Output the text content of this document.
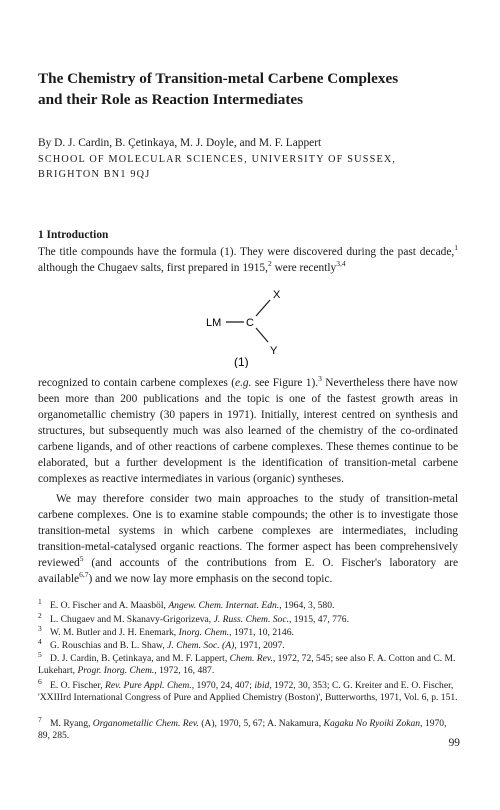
The Chemistry of Transition-metal Carbene Complexes
and their Role as Reaction Intermediates
By D. J. Cardin, B. Çetinkaya, M. J. Doyle, and M. F. Lappert
SCHOOL OF MOLECULAR SCIENCES, UNIVERSITY OF SUSSEX,
BRIGHTON BN1 9QJ
1 Introduction

The title compounds have the formula (1). They were discovered during the past decade,$^1$ although the Chugaev salts, first prepared in 1915,$^2$ were recently$^{3,4}$

LM C
X
Y
(1)

recognized to contain carbene complexes (e.g. see Figure 1).$^3$ Nevertheless there have now been more than 200 publications and the topic is one of the fastest growth areas in organometallic chemistry (30 papers in 1971). Initially, interest centred on synthesis and structures, but subsequently much was also learned of the chemistry of the co-ordinated carbene ligands, and of other reactions of carbene complexes. These themes continue to be elaborated, but a further development is the identification of transition-metal carbene complexes as reactive intermediates in various (organic) syntheses.

We may therefore consider two main approaches to the study of transition-metal carbene complexes. One is to examine stable compounds; the other is to investigate those transition-metal systems in which carbene complexes are intermediates, including transition-metal-catalysed organic reactions. The former aspect has been comprehensively reviewed$^5$ (and accounts of the contributions from E. O. Fischer's laboratory are available$^{6,7}$) and we now lay more emphasis on the second topic.

$^1$ E. O. Fischer and A. Maasböl, Angew. Chem. Internat. Edn., 1964, 3, 580.

$^2$ L. Chugaev and M. Skanavy-Grigorizeva, J. Russ. Chem. Soc., 1915, 47, 776.

$^3$ W. M. Butler and J. H. Enemark, Inorg. Chem., 1971, 10, 2146.

$^4$ G. Rouschias and B. L. Shaw, J. Chem. Soc. (A), 1971, 2097.

$^5$ D. J. Cardin, B. Çetinkaya, and M. F. Lappert, Chem. Rev., 1972, 72, 545; see also F. A. Cotton and C. M. Lukehart, Progr. Inorg. Chem., 1972, 16, 487.

$^6$ E. O. Fischer, Rev. Pure Appl. Chem., 1970, 24, 407; ibid, 1972, 30, 353; C. G. Kreiter and E. O. Fischer, 'XXIIIrd International Congress of Pure and Applied Chemistry (Boston)', Butterworths, 1971, Vol. 6, p. 151.

$^7$ M. Ryang, Organometallic Chem. Rev. (A), 1970, 5, 67; A. Nakamura, Kagaku No Ryoiki Zokan, 1970, 89, 285.

99
